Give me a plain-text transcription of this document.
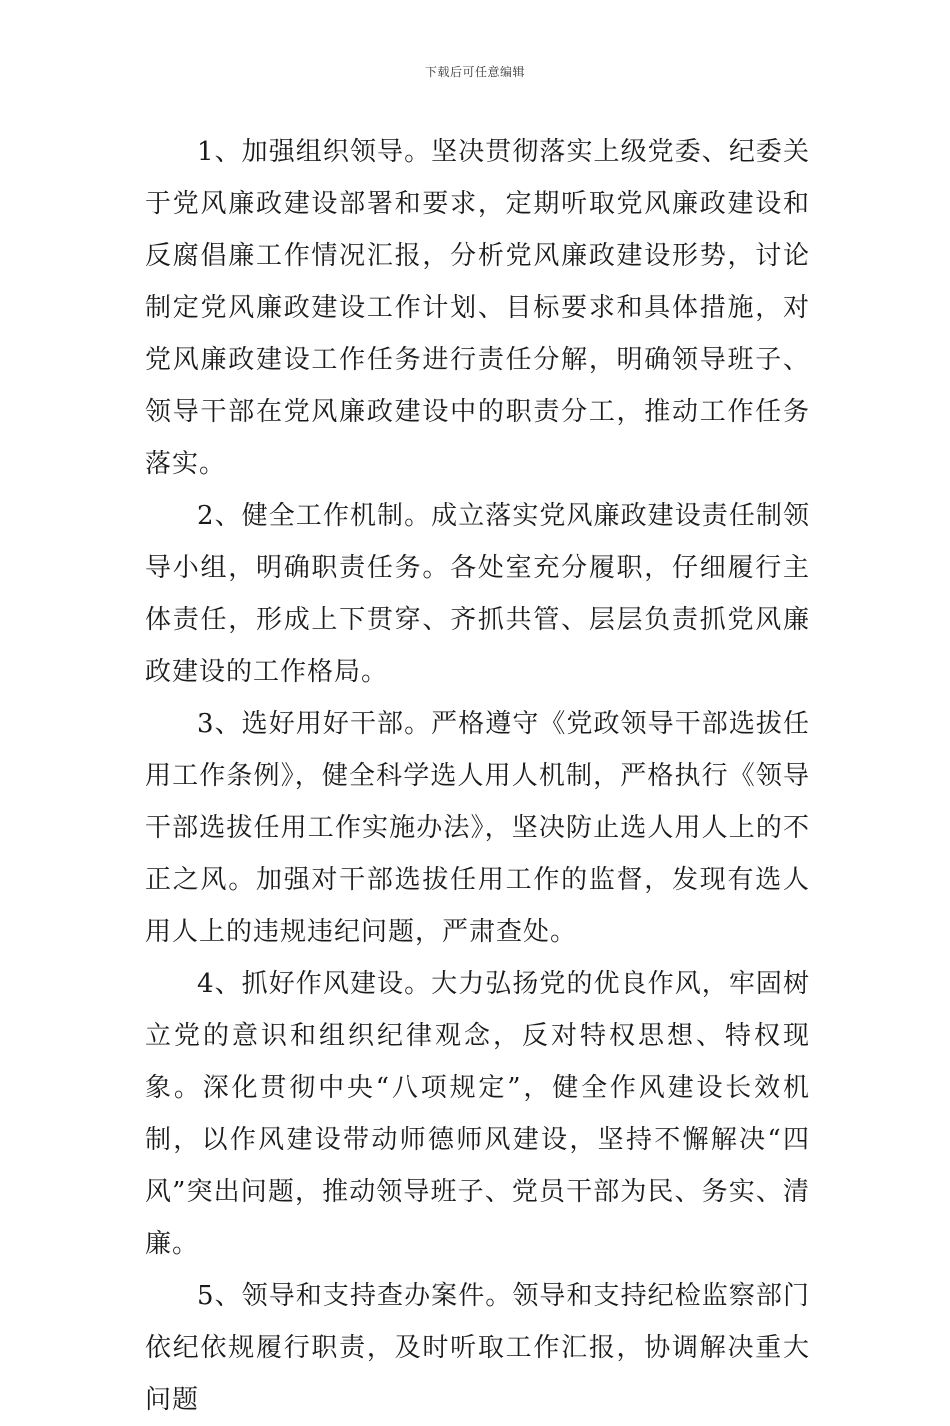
下载后可任意编辑

1、加强组织领导。坚决贯彻落实上级党委、纪委关于党风廉政建设部署和要求，定期听取党风廉政建设和反腐倡廉工作情况汇报，分析党风廉政建设形势，讨论制定党风廉政建设工作计划、目标要求和具体措施，对党风廉政建设工作任务进行责任分解，明确领导班子、领导干部在党风廉政建设中的职责分工，推动工作任务落实。

2、健全工作机制。成立落实党风廉政建设责任制领导小组，明确职责任务。各处室充分履职，仔细履行主体责任，形成上下贯穿、齐抓共管、层层负责抓党风廉政建设的工作格局。

3、选好用好干部。严格遵守《党政领导干部选拔任用工作条例》，健全科学选人用人机制，严格执行《领导干部选拔任用工作实施办法》，坚决防止选人用人上的不正之风。加强对干部选拔任用工作的监督，发现有选人用人上的违规违纪问题，严肃查处。

4、抓好作风建设。大力弘扬党的优良作风，牢固树立党的意识和组织纪律观念，反对特权思想、特权现象。深化贯彻中央“八项规定”，健全作风建设长效机制，以作风建设带动师德师风建设，坚持不懈解决“四风”突出问题，推动领导班子、党员干部为民、务实、清廉。

5、领导和支持查办案件。领导和支持纪检监察部门依纪依规履行职责，及时听取工作汇报，协调解决重大问题
